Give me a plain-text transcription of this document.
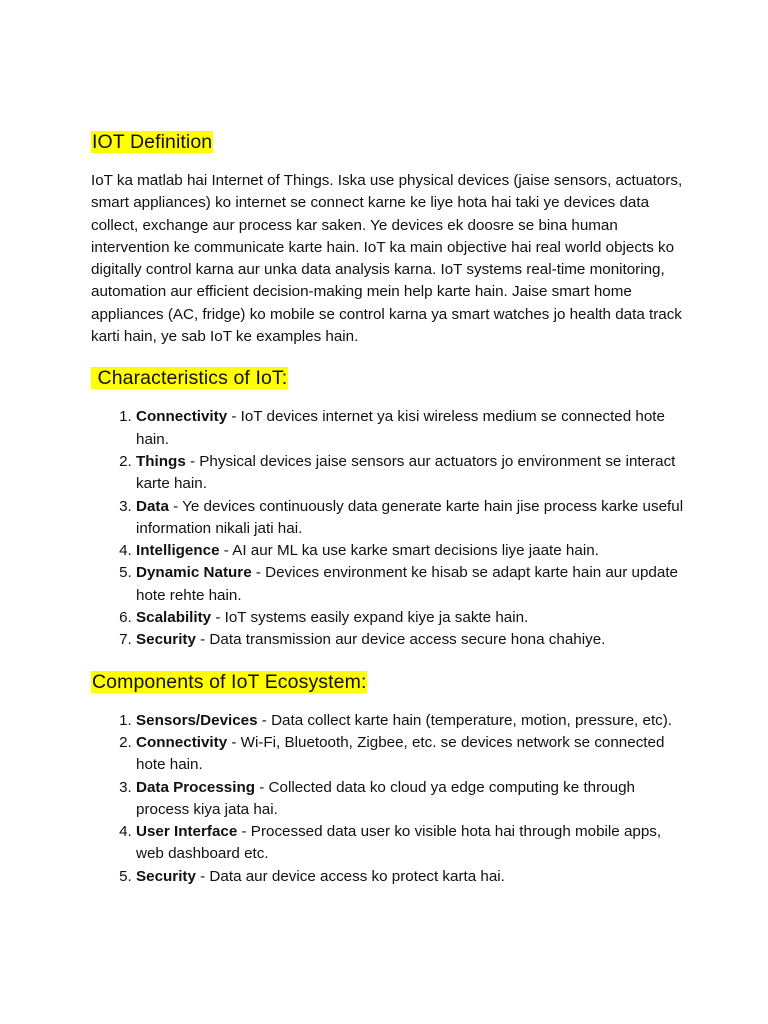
IOT Definition

IoT ka matlab hai Internet of Things. Iska use physical devices (jaise sensors, actuators, smart appliances) ko internet se connect karne ke liye hota hai taki ye devices data collect, exchange aur process kar saken. Ye devices ek doosre se bina human intervention ke communicate karte hain. IoT ka main objective hai real world objects ko digitally control karna aur unka data analysis karna. IoT systems real-time monitoring, automation aur efficient decision-making mein help karte hain. Jaise smart home appliances (AC, fridge) ko mobile se control karna ya smart watches jo health data track karti hain, ye sab IoT ke examples hain.

Characteristics of IoT:
1. Connectivity - IoT devices internet ya kisi wireless medium se connected hote hain.
2. Things - Physical devices jaise sensors aur actuators jo environment se interact karte hain.
3. Data - Ye devices continuously data generate karte hain jise process karke useful information nikali jati hai.
4. Intelligence - AI aur ML ka use karke smart decisions liye jaate hain.
5. Dynamic Nature - Devices environment ke hisab se adapt karte hain aur update hote rehte hain.
6. Scalability - IoT systems easily expand kiye ja sakte hain.
7. Security - Data transmission aur device access secure hona chahiye.
Components of IoT Ecosystem:
1. Sensors/Devices - Data collect karte hain (temperature, motion, pressure, etc).
2. Connectivity - Wi-Fi, Bluetooth, Zigbee, etc. se devices network se connected hote hain.
3. Data Processing - Collected data ko cloud ya edge computing ke through process kiya jata hai.
4. User Interface - Processed data user ko visible hota hai through mobile apps, web dashboard etc.
5. Security - Data aur device access ko protect karta hai.
